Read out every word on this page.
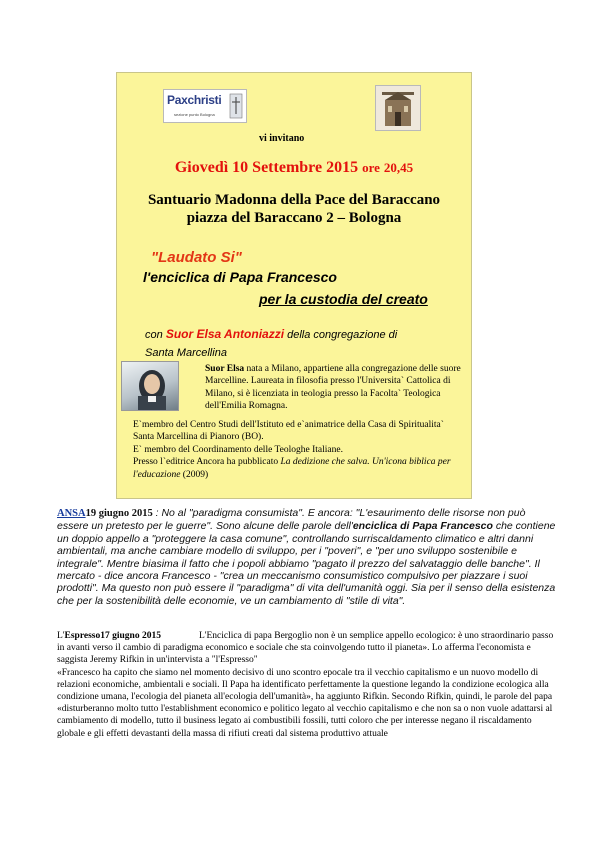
Paxchristi
sezione punto Bologna
vi invitano
Giovedì 10 Settembre 2015 ore 20,45
Santuario Madonna della Pace del Baraccano
piazza del Baraccano 2 – Bologna
"Laudato Si"
l'enciclica di Papa Francesco
per la custodia del creato
con Suor Elsa Antoniazzi della congregazione di
Santa Marcellina
Suor Elsa nata a Milano, appartiene alla congregazione delle suore Marcelline. Laureata in filosofia presso l'Universita` Cattolica di Milano, si è licenziata in teologia presso la Facolta` Teologica dell'Emilia Romagna.
E`membro del Centro Studi dell'Istituto ed e`animatrice della Casa di Spiritualita` Santa Marcellina di Pianoro (BO).
E` membro del Coordinamento delle Teologhe Italiane.
Presso l`editrice Ancora ha pubblicato La dedizione che salva. Un'icona biblica per l'educazione (2009)
ANSA19 giugno 2015 : No al "paradigma consumista". E ancora: "L'esaurimento delle risorse non può essere un pretesto per le guerre". Sono alcune delle parole dell'enciclica di Papa Francesco che contiene un doppio appello a "proteggere la casa comune", controllando surriscaldamento climatico e altri danni ambientali, ma anche cambiare modello di sviluppo, per i "poveri", e "per uno sviluppo sostenibile e integrale". Mentre biasima il fatto che i popoli abbiamo "pagato il prezzo del salvataggio delle banche". Il mercato - dice ancora Francesco - "crea un meccanismo consumistico compulsivo per piazzare i suoi prodotti". Ma questo non può essere il "paradigma" di vita dell'umanità oggi. Sia per il senso della esistenza che per la sostenibilità delle economie, ve un cambiamento di "stile di vita".
L'Espresso17 giugno 2015	L'Enciclica di papa Bergoglio non è un semplice appello ecologico: è uno straordinario passo in avanti verso il cambio di paradigma economico e sociale che sta coinvolgendo tutto il pianeta». Lo afferma l'economista e saggista Jeremy Rifkin in un'intervista a "l'Espresso"
«Francesco ha capito che siamo nel momento decisivo di uno scontro epocale tra il vecchio capitalismo e un nuovo modello di relazioni economiche, ambientali e sociali. Il Papa ha identificato perfettamente la questione legando la condizione ecologica alla condizione umana, l'ecologia del pianeta all'ecologia dell'umanità», ha aggiunto Rifkin. Secondo Rifkin, quindi, le parole del papa «disturberanno molto tutto l'establishment economico e politico legato al vecchio capitalismo e che non sa o non vuole adattarsi al cambiamento di modello, tutto il business legato ai combustibili fossili, tutti coloro che per interesse negano il riscaldamento globale e gli effetti devastanti della massa di rifiuti creati dal sistema produttivo attuale
